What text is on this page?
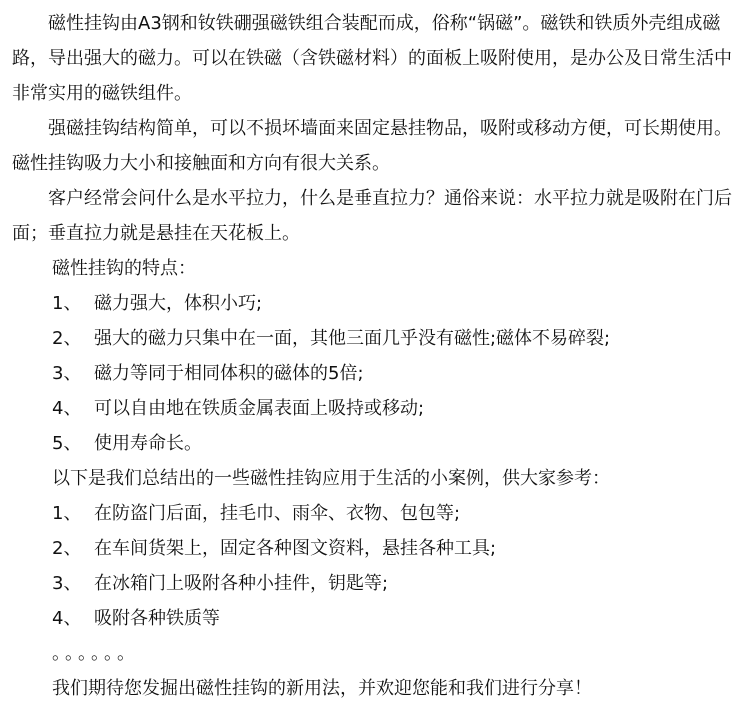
磁性挂钩由A3钢和钕铁硼强磁铁组合装配而成，俗称“锅磁”。磁铁和铁质外壳组成磁路，导出强大的磁力。可以在铁磁（含铁磁材料）的面板上吸附使用，是办公及日常生活中非常实用的磁铁组件。

强磁挂钩结构简单，可以不损坏墙面来固定悬挂物品，吸附或移动方便，可长期使用。磁性挂钩吸力大小和接触面和方向有很大关系。

客户经常会问什么是水平拉力，什么是垂直拉力？通俗来说：水平拉力就是吸附在门后面；垂直拉力就是悬挂在天花板上。

磁性挂钩的特点：

1、 磁力强大，体积小巧;
2、 强大的磁力只集中在一面，其他三面几乎没有磁性;磁体不易碎裂;
3、 磁力等同于相同体积的磁体的5倍;
4、 可以自由地在铁质金属表面上吸持或移动;
5、 使用寿命长。

以下是我们总结出的一些磁性挂钩应用于生活的小案例，供大家参考：

1、 在防盗门后面，挂毛巾、雨伞、衣物、包包等;
2、 在车间货架上，固定各种图文资料，悬挂各种工具;
3、 在冰箱门上吸附各种小挂件，钥匙等;
4、 吸附各种铁质等

。。。。。。

我们期待您发掘出磁性挂钩的新用法，并欢迎您能和我们进行分享！
